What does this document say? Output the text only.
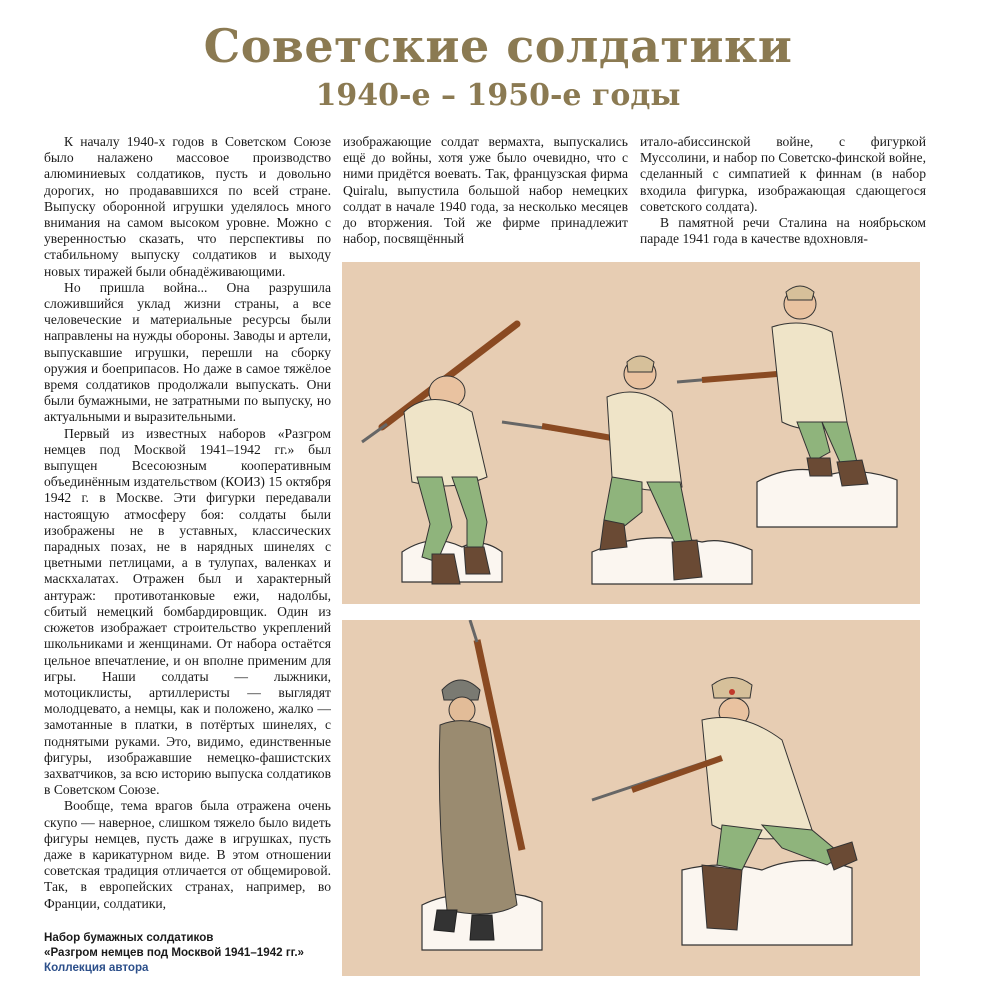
Советские солдатики
1940-е – 1950-е годы

К началу 1940-х годов в Советском Союзе было налажено массовое производство алюминиевых солдатиков, пусть и довольно дорогих, но продававшихся по всей стране. Выпуску оборонной игрушки уделялось много внимания на самом высоком уровне. Можно с уверенностью сказать, что перспективы по стабильному выпуску солдатиков и выходу новых тиражей были обнадёживающими.

Но пришла война... Она разрушила сложившийся уклад жизни страны, а все человеческие и материальные ресурсы были направлены на нужды обороны. Заводы и артели, выпускавшие игрушки, перешли на сборку оружия и боеприпасов. Но даже в самое тяжёлое время солдатиков продолжали выпускать. Они были бумажными, не затратными по выпуску, но актуальными и выразительными.

Первый из известных наборов «Разгром немцев под Москвой 1941–1942 гг.» был выпущен Всесоюзным кооперативным объединённым издательством (КОИЗ) 15 октября 1942 г. в Москве. Эти фигурки передавали настоящую атмосферу боя: солдаты были изображены не в уставных, классических парадных позах, не в нарядных шинелях с цветными петлицами, а в тулупах, валенках и маскхалатах. Отражен был и характерный антураж: противотанковые ежи, надолбы, сбитый немецкий бомбардировщик. Один из сюжетов изображает строительство укреплений школьниками и женщинами. От набора остаётся цельное впечатление, и он вполне применим для игры. Наши солдаты — лыжники, мотоциклисты, артиллеристы — выглядят молодцевато, а немцы, как и положено, жалко — замотанные в платки, в потёртых шинелях, с поднятыми руками. Это, видимо, единственные фигуры, изображавшие немецко-фашистских захватчиков, за всю историю выпуска солдатиков в Советском Союзе.

Вообще, тема врагов была отражена очень скупо — наверное, слишком тяжело было видеть фигуры немцев, пусть даже в игрушках, пусть даже в карикатурном виде. В этом отношении советская традиция отличается от общемировой. Так, в европейских странах, например, во Франции, солдатики,

изображающие солдат вермахта, выпускались ещё до войны, хотя уже было очевидно, что с ними придётся воевать. Так, французская фирма Quiralu, выпустила большой набор немецких солдат в начале 1940 года, за несколько месяцев до вторжения. Той же фирме принадлежит набор, посвящённый

итало-абиссинской войне, с фигуркой Муссолини, и набор по Советско-финской войне, сделанный с симпатией к финнам (в набор входила фигурка, изображающая сдающегося советского солдата).

В памятной речи Сталина на ноябрьском параде 1941 года в качестве вдохновля-

Набор бумажных солдатиков
«Разгром немцев под Москвой 1941–1942 гг.»
Коллекция автора
